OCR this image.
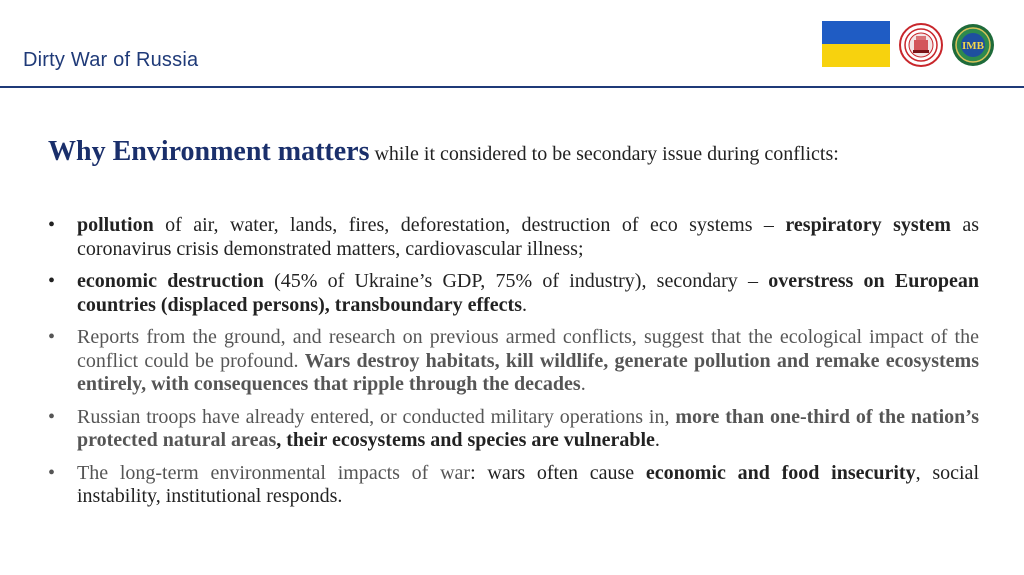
Dirty War of Russia
IMB
Why Environment matters while it considered to be secondary issue during conflicts:
• pollution of air, water, lands, fires, deforestation, destruction of eco systems – respiratory system as coronavirus crisis demonstrated matters, cardiovascular illness;
• economic destruction (45% of Ukraine’s GDP, 75% of industry), secondary – overstress on European countries (displaced persons), transboundary effects.
• Reports from the ground, and research on previous armed conflicts, suggest that the ecological impact of the conflict could be profound. Wars destroy habitats, kill wildlife, generate pollution and remake ecosystems entirely, with consequences that ripple through the decades.
• Russian troops have already entered, or conducted military operations in, more than one-third of the nation’s protected natural areas, their ecosystems and species are vulnerable.
• The long-term environmental impacts of war: wars often cause economic and food insecurity, social instability, institutional responds.
